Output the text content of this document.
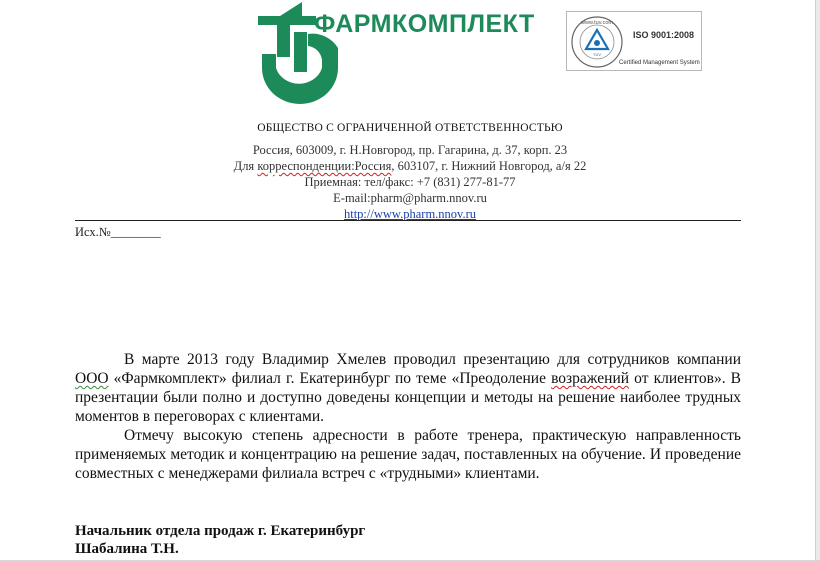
ФАРМКОМПЛЕКТ	www.tuv.com
TÜV
ISO 9001:2008
Certified Management System
ОБЩЕСТВО С ОГРАНИЧЕННОЙ ОТВЕТСТВЕННОСТЬЮ
Россия, 603009, г. Н.Новгород, пр. Гагарина, д. 37, корп. 23
Для корреспонденции:Россия, 603107, г. Нижний Новгород, а/я 22
Приемная: тел/факс: +7 (831) 277-81-77
E-mail:pharm@pharm.nnov.ru
http://www.pharm.nnov.ru
Исх.№________

В марте 2013 году Владимир Хмелев проводил презентацию для сотрудников компании ООО «Фармкомплект» филиал г. Екатеринбург по теме «Преодоление возражений от клиентов». В презентации были полно и доступно доведены концепции и методы на решение наиболее трудных моментов в переговорах с клиентами.

Отмечу высокую степень адресности в работе тренера, практическую направленность применяемых методик и концентрацию на решение задач, поставленных на обучение. И проведение совместных с менеджерами филиала встреч с «трудными» клиентами.

Начальник отдела продаж г. Екатеринбург
Шабалина Т.Н.
